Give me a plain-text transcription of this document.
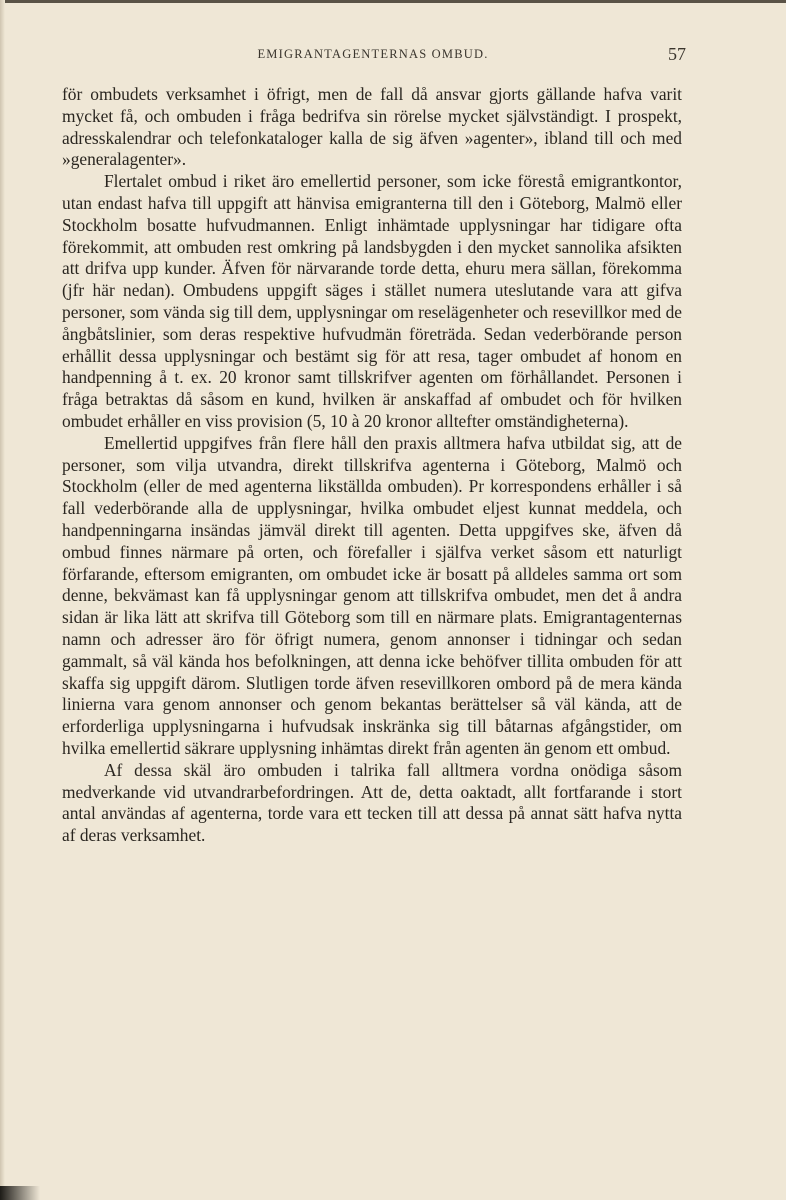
EMIGRANTAGENTERNAS OMBUD.	57

för ombudets verksamhet i öfrigt, men de fall då ansvar gjorts gällande hafva varit mycket få, och ombuden i fråga bedrifva sin rörelse mycket självständigt. I prospekt, adresskalendrar och telefonkataloger kalla de sig äfven »agenter», ibland till och med »generalagenter».

Flertalet ombud i riket äro emellertid personer, som icke förestå emigrantkontor, utan endast hafva till uppgift att hänvisa emigranterna till den i Göteborg, Malmö eller Stockholm bosatte hufvudmannen. Enligt inhämtade upplysningar har tidigare ofta förekommit, att ombuden rest omkring på landsbygden i den mycket sannolika afsikten att drifva upp kunder. Äfven för närvarande torde detta, ehuru mera sällan, förekomma (jfr här nedan). Ombudens uppgift säges i stället numera uteslutande vara att gifva personer, som vända sig till dem, upplysningar om reselägenheter och resevillkor med de ångbåtslinier, som deras respektive hufvudmän företräda. Sedan vederbörande person erhållit dessa upplysningar och bestämt sig för att resa, tager ombudet af honom en handpenning å t. ex. 20 kronor samt tillskrifver agenten om förhållandet. Personen i fråga betraktas då såsom en kund, hvilken är anskaffad af ombudet och för hvilken ombudet erhåller en viss provision (5, 10 à 20 kronor alltefter omständigheterna).

Emellertid uppgifves från flere håll den praxis alltmera hafva utbildat sig, att de personer, som vilja utvandra, direkt tillskrifva agenterna i Göteborg, Malmö och Stockholm (eller de med agenterna likställda ombuden). Pr korrespondens erhåller i så fall vederbörande alla de upplysningar, hvilka ombudet eljest kunnat meddela, och handpenningarna insändas jämväl direkt till agenten. Detta uppgifves ske, äfven då ombud finnes närmare på orten, och förefaller i själfva verket såsom ett naturligt förfarande, eftersom emigranten, om ombudet icke är bosatt på alldeles samma ort som denne, bekvämast kan få upplysningar genom att tillskrifva ombudet, men det å andra sidan är lika lätt att skrifva till Göteborg som till en närmare plats. Emigrantagenternas namn och adresser äro för öfrigt numera, genom annonser i tidningar och sedan gammalt, så väl kända hos befolkningen, att denna icke behöfver tillita ombuden för att skaffa sig uppgift därom. Slutligen torde äfven resevillkoren ombord på de mera kända linierna vara genom annonser och genom bekantas berättelser så väl kända, att de erforderliga upplysningarna i hufvudsak inskränka sig till båtarnas afgångstider, om hvilka emellertid säkrare upplysning inhämtas direkt från agenten än genom ett ombud.

Af dessa skäl äro ombuden i talrika fall alltmera vordna onödiga såsom medverkande vid utvandrarbefordringen. Att de, detta oaktadt, allt fortfarande i stort antal användas af agenterna, torde vara ett tecken till att dessa på annat sätt hafva nytta af deras verksamhet.
